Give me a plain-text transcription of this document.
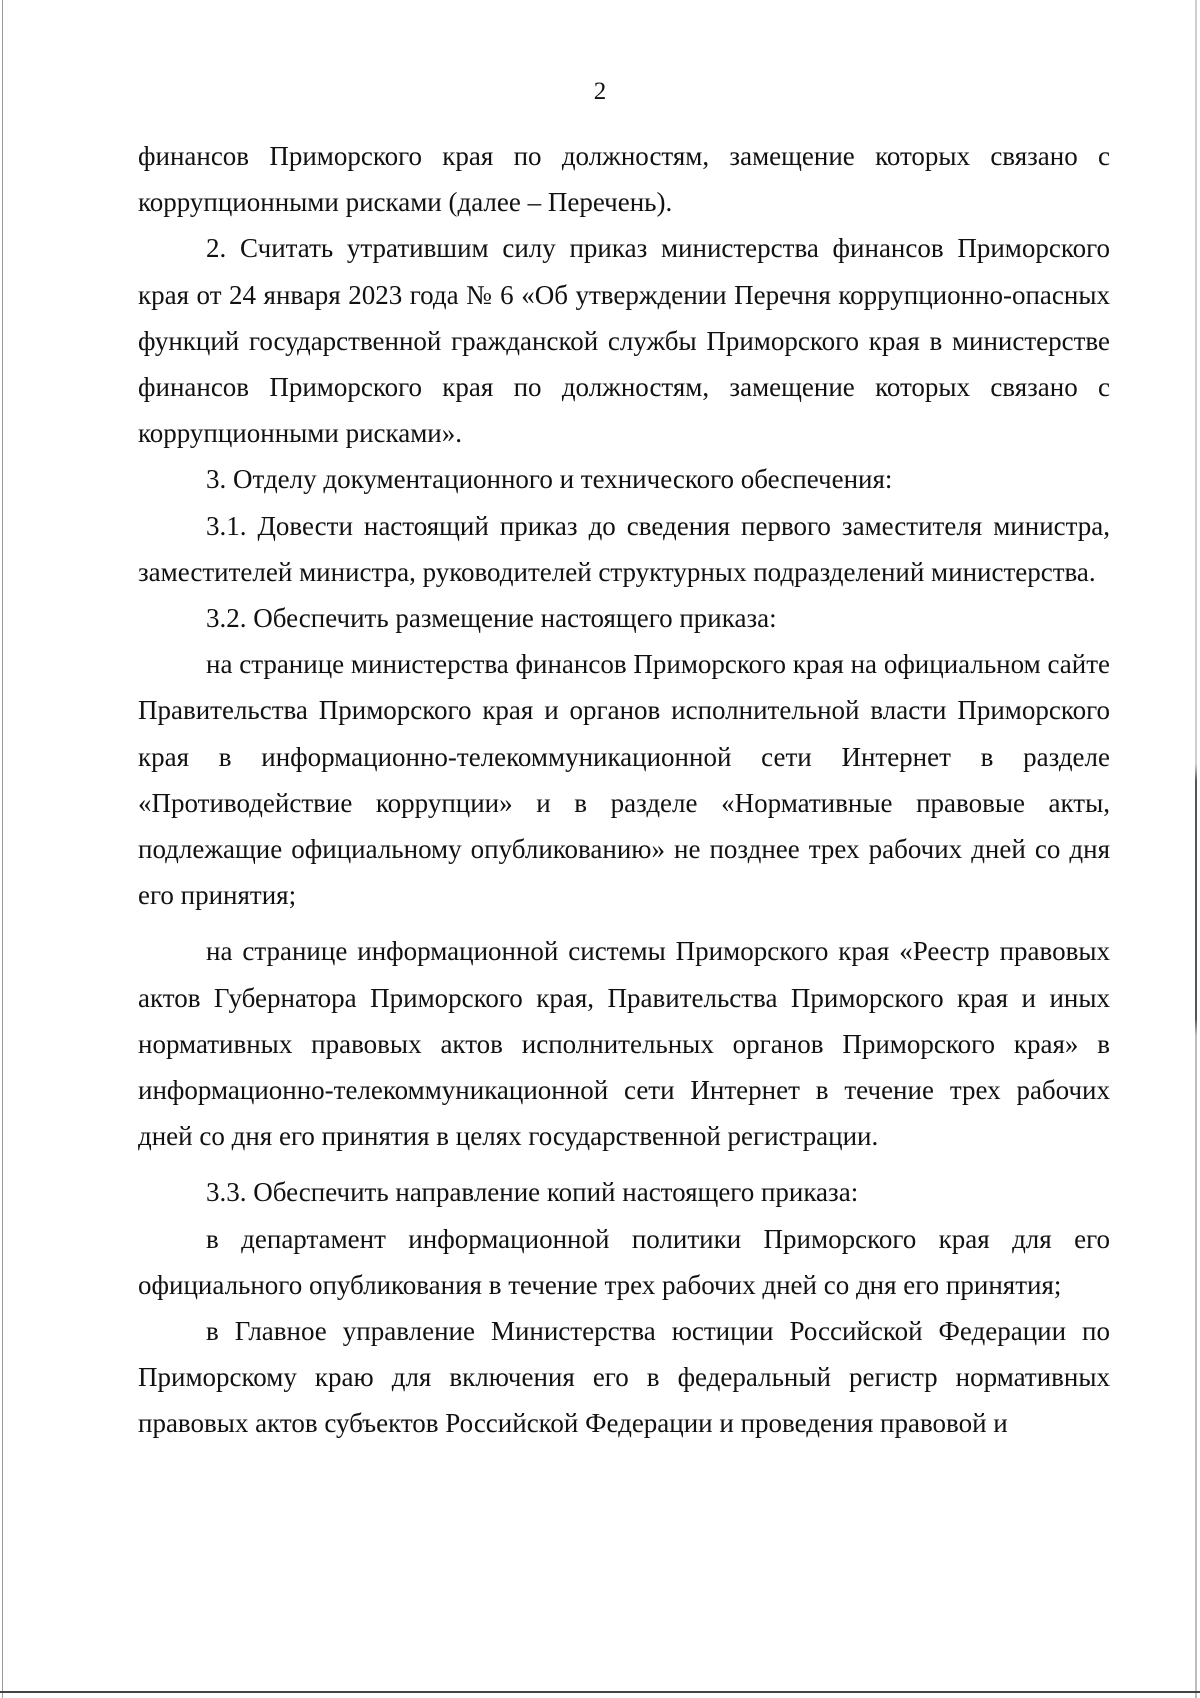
2

финансов Приморского края по должностям, замещение которых связано с коррупционными рисками (далее – Перечень).

2. Считать утратившим силу приказ министерства финансов Приморского края от 24 января 2023 года № 6 «Об утверждении Перечня коррупционно-опасных функций государственной гражданской службы Приморского края в министерстве финансов Приморского края по должностям, замещение которых связано с коррупционными рисками».

3. Отделу документационного и технического обеспечения:

3.1. Довести настоящий приказ до сведения первого заместителя министра, заместителей министра, руководителей структурных подразделений министерства.

3.2. Обеспечить размещение настоящего приказа:

на странице министерства финансов Приморского края на официальном сайте Правительства Приморского края и органов исполнительной власти Приморского края в информационно-телекоммуникационной сети Интернет в разделе «Противодействие коррупции» и в разделе «Нормативные правовые акты, подлежащие официальному опубликованию» не позднее трех рабочих дней со дня его принятия;

на странице информационной системы Приморского края «Реестр правовых актов Губернатора Приморского края, Правительства Приморского края и иных нормативных правовых актов исполнительных органов Приморского края» в информационно-телекоммуникационной сети Интернет в течение трех рабочих дней со дня его принятия в целях государственной регистрации.

3.3. Обеспечить направление копий настоящего приказа:

в департамент информационной политики Приморского края для его официального опубликования в течение трех рабочих дней со дня его принятия;

в Главное управление Министерства юстиции Российской Федерации по Приморскому краю для включения его в федеральный регистр нормативных правовых актов субъектов Российской Федерации и проведения правовой и
